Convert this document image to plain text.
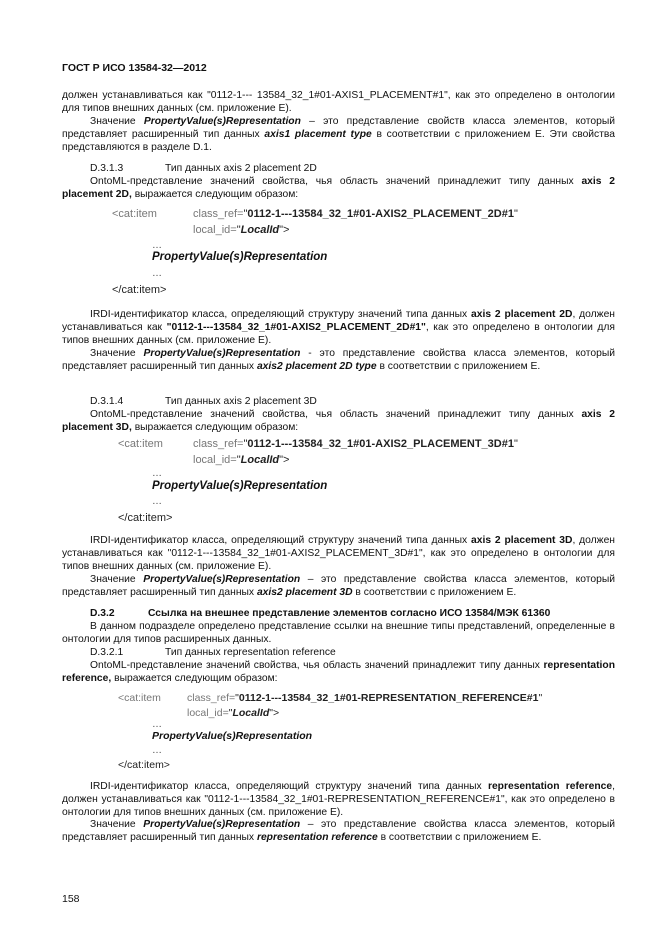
ГОСТ Р ИСО 13584-32—2012
должен устанавливаться как "0112-1--- 13584_32_1#01-AXIS1_PLACEMENT#1", как это определено в онтологии для типов внешних данных (см. приложение Е).
Значение PropertyValue(s)Representation – это представление свойств класса элементов, который представляет расширенный тип данных axis1 placement type в соответствии с приложением Е. Эти свойства представляются в разделе D.1.
D.3.1.3	Тип данных axis 2 placement 2D
OntoML-представление значений свойства, чья область значений принадлежит типу данных axis 2 placement 2D, выражается следующим образом:
<cat:item	class_ref="0112-1---13584_32_1#01-AXIS2_PLACEMENT_2D#1"
local_id="LocalId">
…
PropertyValue(s)Representation
…
</cat:item>
IRDI-идентификатор класса, определяющий структуру значений типа данных axis 2 placement 2D, должен устанавливаться как "0112-1---13584_32_1#01-AXIS2_PLACEMENT_2D#1", как это определено в онтологии для типов внешних данных (см. приложение Е).
Значение PropertyValue(s)Representation - это представление свойства класса элементов, который представляет расширенный тип данных axis2 placement 2D type в соответствии с приложением Е.
D.3.1.4	Тип данных axis 2 placement 3D
OntoML-представление значений свойства, чья область значений принадлежит типу данных axis 2 placement 3D, выражается следующим образом:
<cat:item	class_ref="0112-1---13584_32_1#01-AXIS2_PLACEMENT_3D#1"
local_id="LocalId">
…
PropertyValue(s)Representation
…
</cat:item>
IRDI-идентификатор класса, определяющий структуру значений типа данных axis 2 placement 3D, должен устанавливаться как "0112-1---13584_32_1#01-AXIS2_PLACEMENT_3D#1", как это определено в онтологии для типов внешних данных (см. приложение Е).
Значение PropertyValue(s)Representation – это представление свойства класса элементов, который представляет расширенный тип данных axis2 placement 3D в соответствии с приложением Е.
D.3.2	Ссылка на внешнее представление элементов согласно ИСО 13584/МЭК 61360
В данном подразделе определено представление ссылки на внешние типы представлений, определенные в онтологии для типов расширенных данных.
D.3.2.1	Тип данных representation reference
OntoML-представление значений свойства, чья область значений принадлежит типу данных representation reference, выражается следующим образом:
<cat:item class_ref="0112-1---13584_32_1#01-REPRESENTATION_REFERENCE#1"
local_id="LocalId">
…
PropertyValue(s)Representation
…
</cat:item>
IRDI-идентификатор класса, определяющий структуру значений типа данных representation reference, должен устанавливаться как "0112-1---13584_32_1#01-REPRESENTATION_REFERENCE#1", как это определено в онтологии для типов внешних данных (см. приложение Е).
Значение PropertyValue(s)Representation – это представление свойства класса элементов, который представляет расширенный тип данных representation reference в соответствии с приложением Е.
158
